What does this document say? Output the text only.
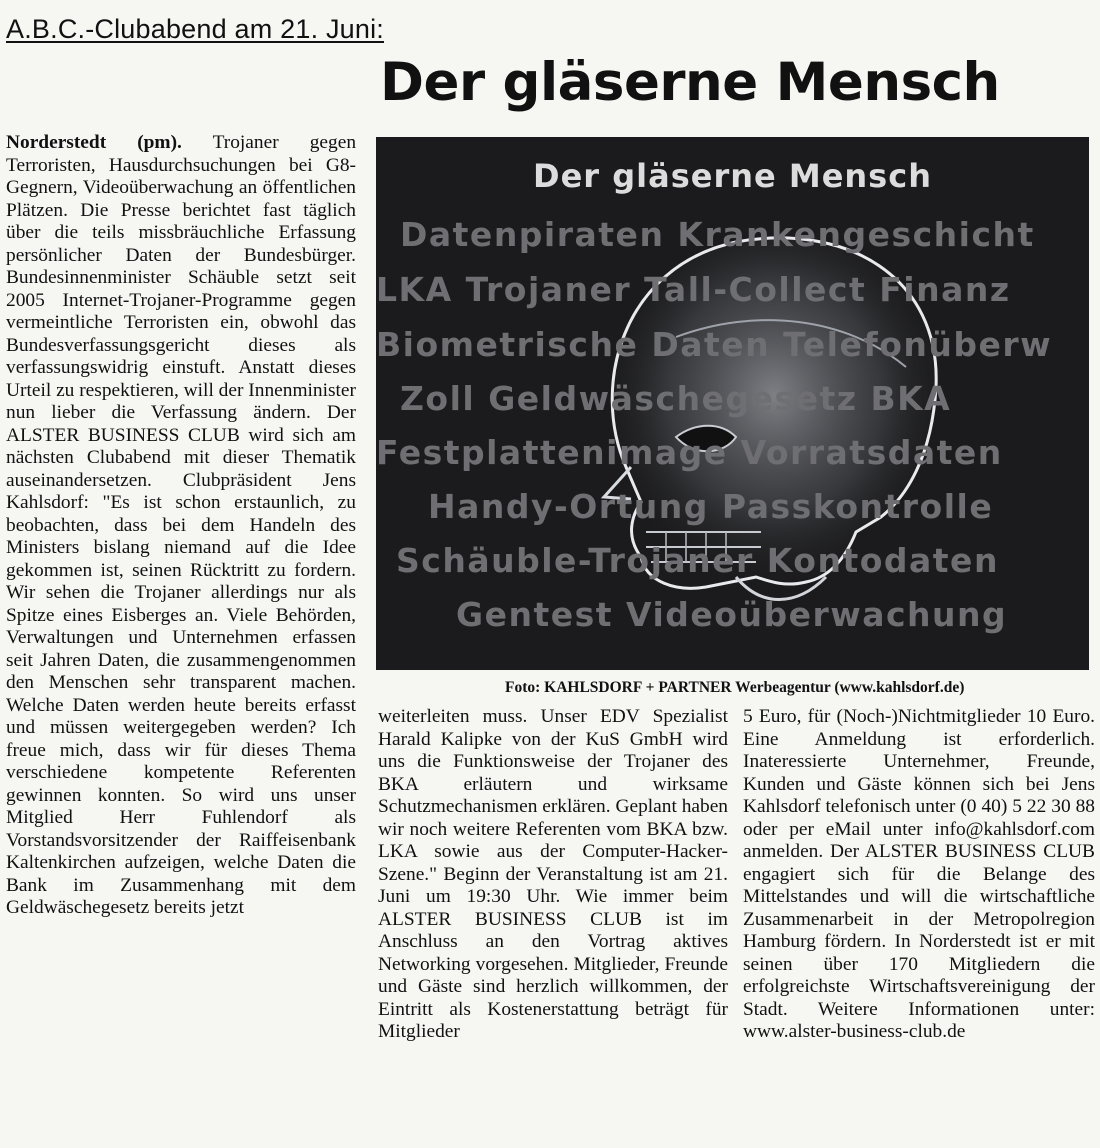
A.B.C.-Clubabend am 21. Juni:
Der gläserne Mensch
Norderstedt (pm). Trojaner gegen Terroristen, Hausdurchsuchungen bei G8-Gegnern, Videoüberwachung an öffentlichen Plätzen. Die Presse berichtet fast täglich über die teils missbräuchliche Erfassung persönlicher Daten der Bundesbürger. Bundesinnenminister Schäuble setzt seit 2005 Internet-Trojaner-Programme gegen vermeintliche Terroristen ein, obwohl das Bundesverfassungsgericht dieses als verfassungswidrig einstuft. Anstatt dieses Urteil zu respektieren, will der Innenminister nun lieber die Verfassung ändern. Der ALSTER BUSINESS CLUB wird sich am nächsten Clubabend mit dieser Thematik auseinandersetzen. Clubpräsident Jens Kahlsdorf: "Es ist schon erstaunlich, zu beobachten, dass bei dem Handeln des Ministers bislang niemand auf die Idee gekommen ist, seinen Rücktritt zu fordern. Wir sehen die Trojaner allerdings nur als Spitze eines Eisberges an. Viele Behörden, Verwaltungen und Unternehmen erfassen seit Jahren Daten, die zusammengenommen den Menschen sehr transparent machen. Welche Daten werden heute bereits erfasst und müssen weitergegeben werden? Ich freue mich, dass wir für dieses Thema verschiedene kompetente Referenten gewinnen konnten. So wird uns unser Mitglied Herr Fuhlendorf als Vorstandsvorsitzender der Raiffeisenbank Kaltenkirchen aufzeigen, welche Daten die Bank im Zusammenhang mit dem Geldwäschegesetz bereits jetzt
Der gläserne Mensch
Datenpiraten Krankengeschicht
LKA Trojaner Tall-Collect Finanz
Biometrische Daten Telefonüberw
Zoll Geldwäschegesetz BKA
Festplattenimage Vorratsdaten
Handy-Ortung Passkontrolle
Schäuble-Trojaner Kontodaten
Gentest Videoüberwachung
Foto: KAHLSDORF + PARTNER Werbeagentur (www.kahlsdorf.de)
weiterleiten muss. Unser EDV Spezialist Harald Kalipke von der KuS GmbH wird uns die Funktionsweise der Trojaner des BKA erläutern und wirksame Schutzmechanismen erklären. Geplant haben wir noch weitere Referenten vom BKA bzw. LKA sowie aus der Computer-Hacker-Szene." Beginn der Veranstaltung ist am 21. Juni um 19:30 Uhr. Wie immer beim ALSTER BUSINESS CLUB ist im Anschluss an den Vortrag aktives Networking vorgesehen. Mitglieder, Freunde und Gäste sind herzlich willkommen, der Eintritt als Kostenerstattung beträgt für Mitglieder
5 Euro, für (Noch-)Nichtmitglieder 10 Euro. Eine Anmeldung ist erforderlich. Inateressierte Unternehmer, Freunde, Kunden und Gäste können sich bei Jens Kahlsdorf telefonisch unter (0 40) 5 22 30 88 oder per eMail unter info@kahlsdorf.com anmelden. Der ALSTER BUSINESS CLUB engagiert sich für die Belange des Mittelstandes und will die wirtschaftliche Zusammenarbeit in der Metropolregion Hamburg fördern. In Norderstedt ist er mit seinen über 170 Mitgliedern die erfolgreichste Wirtschaftsvereinigung der Stadt. Weitere Informationen unter: www.alster-business-club.de
